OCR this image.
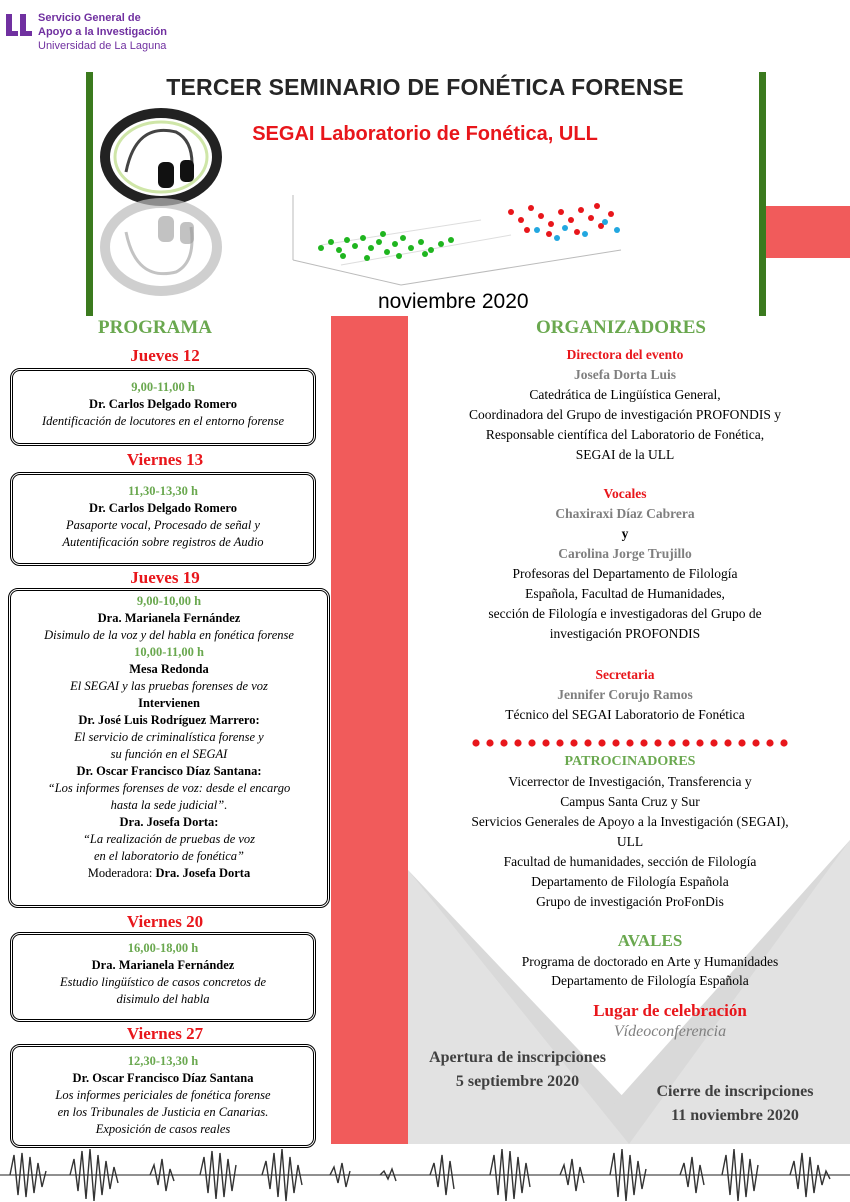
Servicio General de
Apoyo a la Investigación
Universidad de La Laguna
TERCER SEMINARIO DE FONÉTICA FORENSE
SEGAI Laboratorio de Fonética, ULL
noviembre 2020
PROGRAMA
Jueves 12
9,00-11,00 h
Dr. Carlos Delgado Romero
Identificación de locutores en el entorno forense
Viernes 13
11,30-13,30 h
Dr. Carlos Delgado Romero
Pasaporte vocal, Procesado de señal y
Autentificación sobre registros de Audio
Jueves 19
9,00-10,00 h
Dra. Marianela Fernández
Disimulo de la voz y del habla en fonética forense
10,00-11,00 h
Mesa Redonda
El SEGAI y las pruebas forenses de voz
Intervienen
Dr. José Luis Rodríguez Marrero:
El servicio de criminalística forense y
su función en el SEGAI
Dr. Oscar Francisco Díaz Santana:
“Los informes forenses de voz: desde el encargo
hasta la sede judicial”.
Dra. Josefa Dorta:
“La realización de pruebas de voz
en el laboratorio de fonética”
Moderadora: Dra. Josefa Dorta
Viernes 20
16,00-18,00 h
Dra. Marianela Fernández
Estudio lingüístico de casos concretos de
disimulo del habla
Viernes 27
12,30-13,30 h
Dr. Oscar Francisco Díaz Santana
Los informes periciales de fonética forense
en los Tribunales de Justicia en Canarias.
Exposición de casos reales
ORGANIZADORES
Directora del evento
Josefa Dorta Luis
Catedrática de Lingüística General,
Coordinadora del Grupo de investigación PROFONDIS y
Responsable científica del Laboratorio de Fonética,
SEGAI de la ULL
Vocales
Chaxiraxi Díaz Cabrera
y
Carolina Jorge Trujillo
Profesoras del Departamento de Filología
Española, Facultad de Humanidades,
sección de Filología e investigadoras del Grupo de
investigación PROFONDIS
Secretaria
Jennifer Corujo Ramos
Técnico del SEGAI Laboratorio de Fonética
PATROCINADORES
Vicerrector de Investigación, Transferencia y
Campus Santa Cruz y Sur
Servicios Generales de Apoyo a la Investigación (SEGAI),
ULL
Facultad de humanidades, sección de Filología
Departamento de Filología Española
Grupo de investigación ProFonDis
AVALES
Programa de doctorado en Arte y Humanidades
Departamento de Filología Española
Lugar de celebración
Vídeoconferencia
Apertura de inscripciones
5 septiembre 2020
Cierre de inscripciones
11 noviembre 2020
